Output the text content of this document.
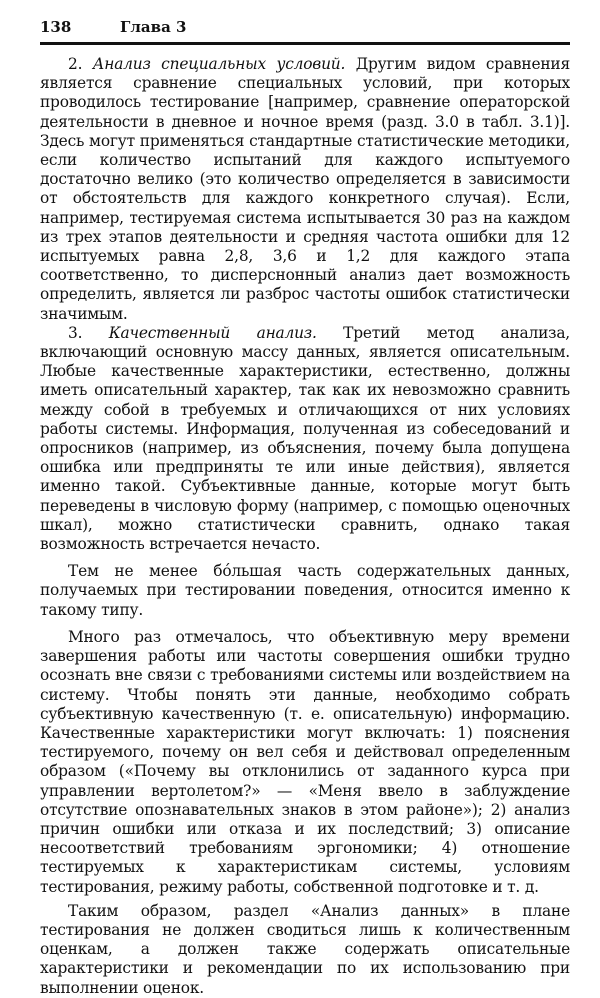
138	Глава 3

2. Анализ специальных условий. Другим видом сравнения является сравнение специальных условий, при которых проводилось тестирование [например, сравнение операторской деятельности в дневное и ночное время (разд. 3.0 в табл. 3.1)]. Здесь могут применяться стандартные статистические методики, если количество испытаний для каждого испытуемого достаточно велико (это количество определяется в зависимости от обстоятельств для каждого конкретного случая). Если, например, тестируемая система испытывается 30 раз на каждом из трех этапов деятельности и средняя частота ошибки для 12 испытуемых равна 2,8, 3,6 и 1,2 для каждого этапа соответственно, то дисперснонный анализ дает возможность определить, является ли разброс частоты ошибок статистически значимым.

3. Качественный анализ. Третий метод анализа, включающий основную массу данных, является описательным. Любые качественные характеристики, естественно, должны иметь описательный характер, так как их невозможно сравнить между собой в требуемых и отличающихся от них условиях работы системы. Информация, полученная из собеседований и опросников (например, из объяснения, почему была допущена ошибка или предприняты те или иные действия), является именно такой. Субъективные данные, которые могут быть переведены в числовую форму (например, с помощью оценочных шкал), можно статистически сравнить, однако такая возможность встречается нечасто.

Тем не менее бо́льшая часть содержательных данных, получаемых при тестировании поведения, относится именно к такому типу.

Много раз отмечалось, что объективную меру времени завершения работы или частоты совершения ошибки трудно осознать вне связи с требованиями системы или воздействием на систему. Чтобы понять эти данные, необходимо собрать субъективную качественную (т. е. описательную) информацию. Качественные характеристики могут включать: 1) пояснения тестируемого, почему он вел себя и действовал определенным образом («Почему вы отклонились от заданного курса при управлении вертолетом?» — «Меня ввело в заблуждение отсутствие опознавательных знаков в этом районе»); 2) анализ причин ошибки или отказа и их последствий; 3) описание несоответствий требованиям эргономики; 4) отношение тестируемых к характеристикам системы, условиям тестирования, режиму работы, собственной подготовке и т. д.

Таким образом, раздел «Анализ данных» в плане тестирования не должен сводиться лишь к количественным оценкам, а должен также содержать описательные характеристики и рекомендации по их использованию при выполнении оценок.
